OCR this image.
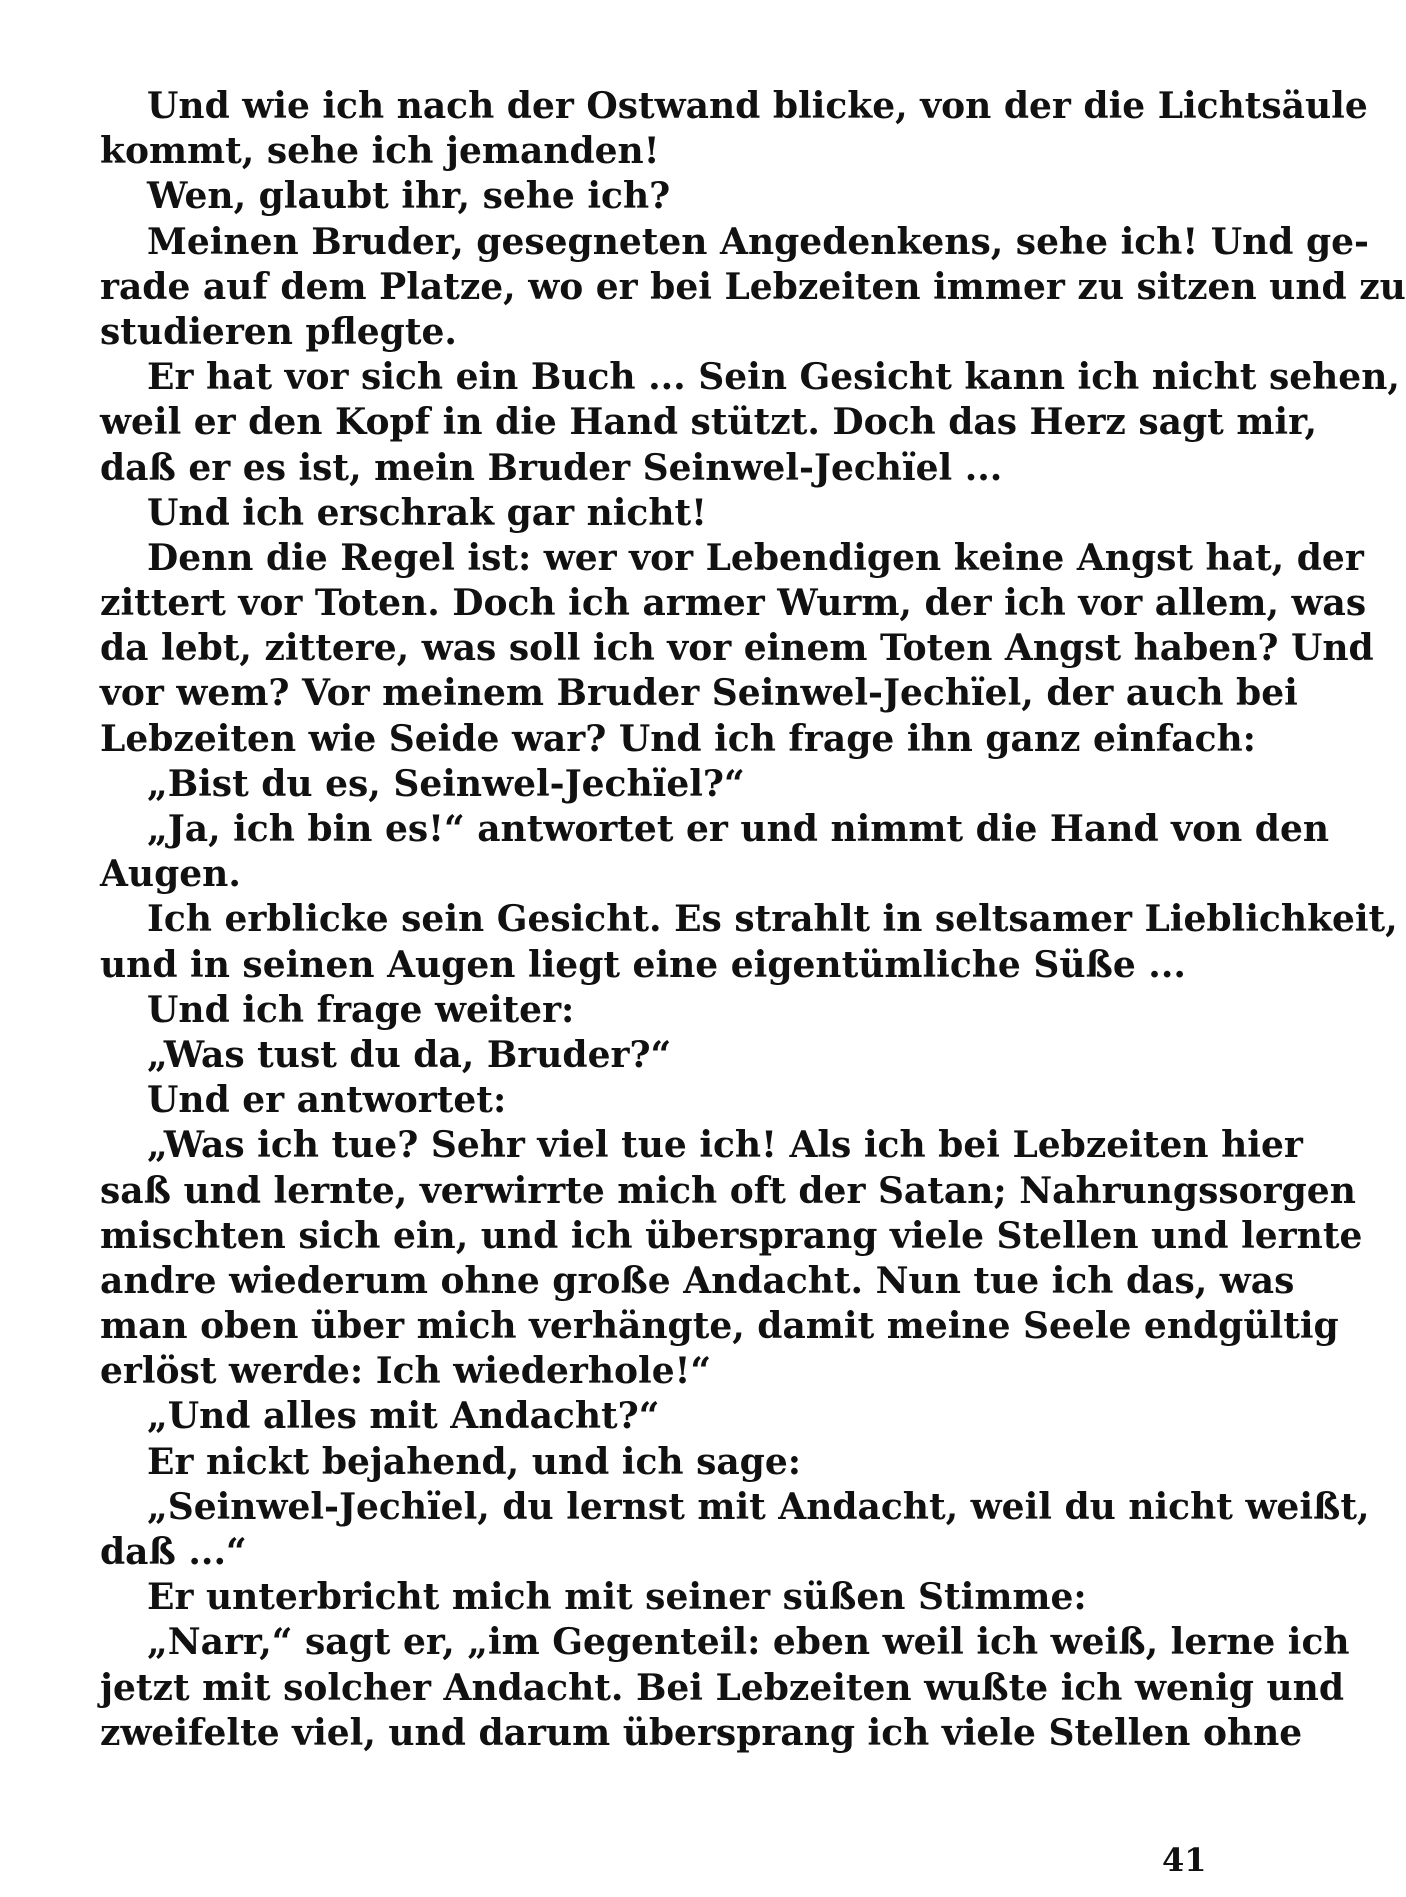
Und wie ich nach der Ostwand blicke, von der die Lichtsäule
kommt, sehe ich jemanden!
Wen, glaubt ihr, sehe ich?
Meinen Bruder, gesegneten Angedenkens, sehe ich! Und ge-
rade auf dem Platze, wo er bei Lebzeiten immer zu sitzen und zu
studieren pflegte.
Er hat vor sich ein Buch ... Sein Gesicht kann ich nicht sehen,
weil er den Kopf in die Hand stützt. Doch das Herz sagt mir,
daß er es ist, mein Bruder Seinwel-Jechïel ...
Und ich erschrak gar nicht!
Denn die Regel ist: wer vor Lebendigen keine Angst hat, der
zittert vor Toten. Doch ich armer Wurm, der ich vor allem, was
da lebt, zittere, was soll ich vor einem Toten Angst haben? Und
vor wem? Vor meinem Bruder Seinwel-Jechïel, der auch bei
Lebzeiten wie Seide war? Und ich frage ihn ganz einfach:
„Bist du es, Seinwel-Jechïel?“
„Ja, ich bin es!“ antwortet er und nimmt die Hand von den
Augen.
Ich erblicke sein Gesicht. Es strahlt in seltsamer Lieblichkeit,
und in seinen Augen liegt eine eigentümliche Süße ...
Und ich frage weiter:
„Was tust du da, Bruder?“
Und er antwortet:
„Was ich tue? Sehr viel tue ich! Als ich bei Lebzeiten hier
saß und lernte, verwirrte mich oft der Satan; Nahrungssorgen
mischten sich ein, und ich übersprang viele Stellen und lernte
andre wiederum ohne große Andacht. Nun tue ich das, was
man oben über mich verhängte, damit meine Seele endgültig
erlöst werde: Ich wiederhole!“
„Und alles mit Andacht?“
Er nickt bejahend, und ich sage:
„Seinwel-Jechïel, du lernst mit Andacht, weil du nicht weißt,
daß ...“
Er unterbricht mich mit seiner süßen Stimme:
„Narr,“ sagt er, „im Gegenteil: eben weil ich weiß, lerne ich
jetzt mit solcher Andacht. Bei Lebzeiten wußte ich wenig und
zweifelte viel, und darum übersprang ich viele Stellen ohne
41
